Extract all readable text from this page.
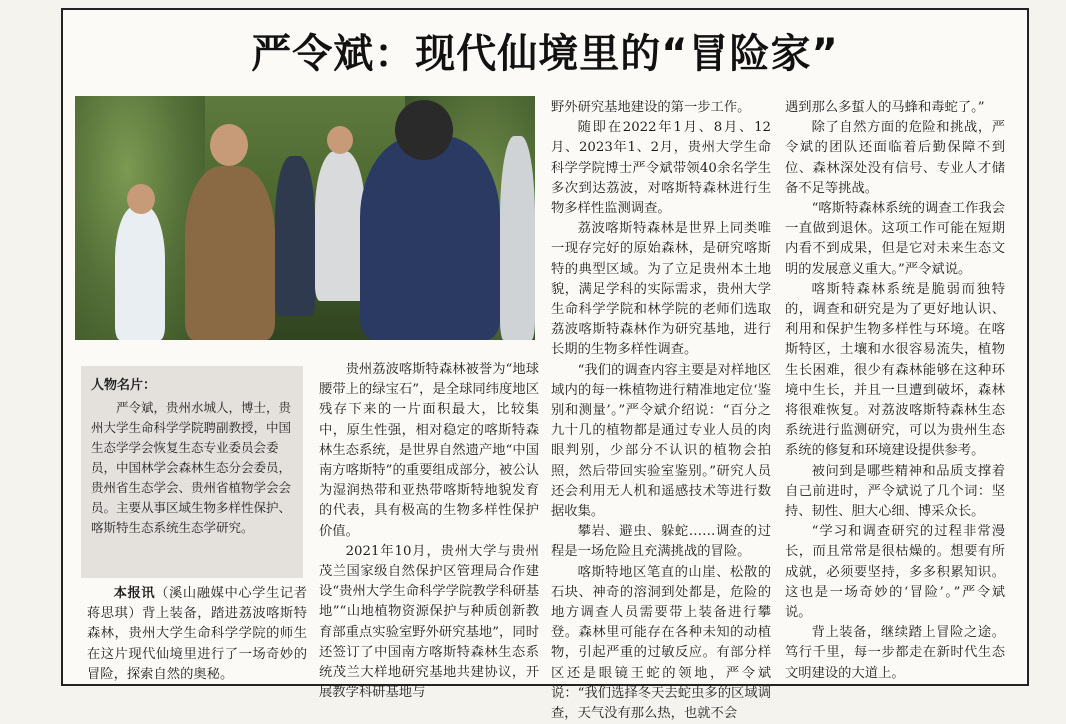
严令斌：现代仙境里的“冒险家”
人物名片：

严令斌，贵州水城人，博士，贵州大学生命科学学院聘副教授，中国生态学学会恢复生态专业委员会委员，中国林学会森林生态分会委员，贵州省生态学会、贵州省植物学会会员。主要从事区域生物多样性保护、喀斯特生态系统生态学研究。

本报讯（溪山融媒中心学生记者 蒋思琪）背上装备，踏进荔波喀斯特森林，贵州大学生命科学学院的师生在这片现代仙境里进行了一场奇妙的冒险，探索自然的奥秘。

贵州荔波喀斯特森林被誉为“地球腰带上的绿宝石”，是全球同纬度地区残存下来的一片面积最大，比较集中，原生性强，相对稳定的喀斯特森林生态系统，是世界自然遗产地“中国南方喀斯特”的重要组成部分，被公认为湿润热带和亚热带喀斯特地貌发育的代表，具有极高的生物多样性保护价值。

2021年10月，贵州大学与贵州茂兰国家级自然保护区管理局合作建设“贵州大学生命科学学院教学科研基地”“山地植物资源保护与种质创新教育部重点实验室野外研究基地”，同时还签订了中国南方喀斯特森林生态系统茂兰大样地研究基地共建协议，开展教学科研基地与

野外研究基地建设的第一步工作。

随即在2022年1月、8月、12月、2023年1、2月，贵州大学生命科学学院博士严令斌带领40余名学生多次到达荔波，对喀斯特森林进行生物多样性监测调查。

荔波喀斯特森林是世界上同类唯一现存完好的原始森林，是研究喀斯特的典型区域。为了立足贵州本土地貌，满足学科的实际需求，贵州大学生命科学学院和林学院的老师们选取荔波喀斯特森林作为研究基地，进行长期的生物多样性调查。

“我们的调查内容主要是对样地区域内的每一株植物进行精准地定位‘鉴别和测量’。”严令斌介绍说：“百分之九十几的植物都是通过专业人员的肉眼判别，少部分不认识的植物会拍照，然后带回实验室鉴别。”研究人员还会利用无人机和遥感技术等进行数据收集。

攀岩、避虫、躲蛇……调查的过程是一场危险且充满挑战的冒险。

喀斯特地区笔直的山崖、松散的石块、神奇的溶洞到处都是，危险的地方调查人员需要带上装备进行攀登。森林里可能存在各种未知的动植物，引起严重的过敏反应。有部分样区还是眼镜王蛇的领地，严令斌说：“我们选择冬天去蛇虫多的区域调查，天气没有那么热，也就不会

遇到那么多蜇人的马蜂和毒蛇了。”

除了自然方面的危险和挑战，严令斌的团队还面临着后勤保障不到位、森林深处没有信号、专业人才储备不足等挑战。

“喀斯特森林系统的调查工作我会一直做到退休。这项工作可能在短期内看不到成果，但是它对未来生态文明的发展意义重大。”严令斌说。

喀斯特森林系统是脆弱而独特的，调查和研究是为了更好地认识、利用和保护生物多样性与环境。在喀斯特区，土壤和水很容易流失，植物生长困难，很少有森林能够在这种环境中生长，并且一旦遭到破坏，森林将很难恢复。对荔波喀斯特森林生态系统进行监测研究，可以为贵州生态系统的修复和环境建设提供参考。

被问到是哪些精神和品质支撑着自己前进时，严令斌说了几个词：坚持、韧性、胆大心细、博采众长。

“学习和调查研究的过程非常漫长，而且常常是很枯燥的。想要有所成就，必须要坚持，多多积累知识。这也是一场奇妙的‘冒险’。”严令斌说。

背上装备，继续踏上冒险之途。笃行千里，每一步都走在新时代生态文明建设的大道上。
